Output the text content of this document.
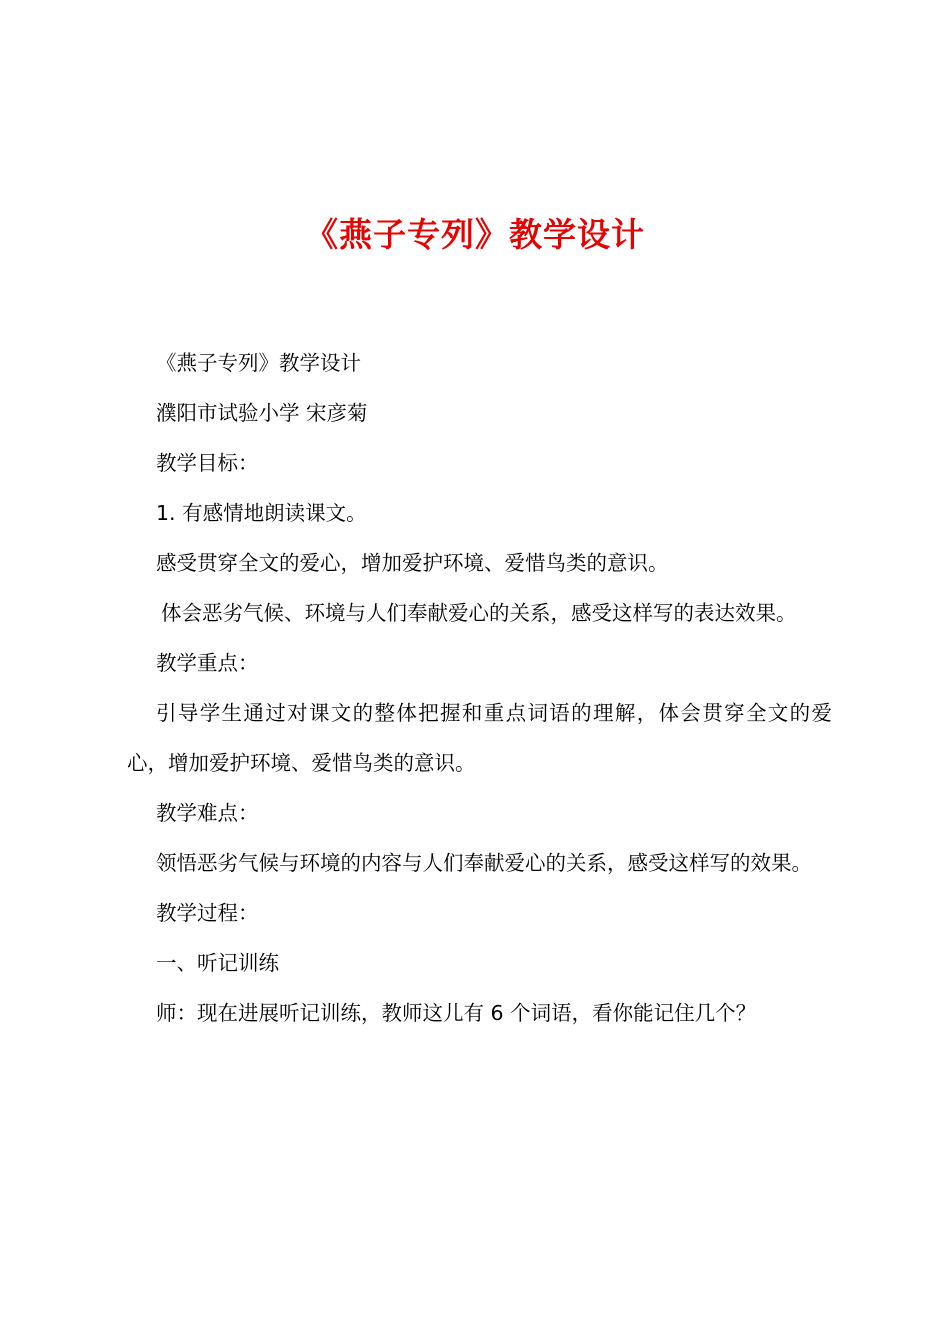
《燕子专列》教学设计

《燕子专列》教学设计

濮阳市试验小学 宋彦菊

教学目标：

1. 有感情地朗读课文。

感受贯穿全文的爱心，增加爱护环境、爱惜鸟类的意识。

体会恶劣气候、环境与人们奉献爱心的关系，感受这样写的表达效果。

教学重点：

引导学生通过对课文的整体把握和重点词语的理解，体会贯穿全文的爱心，增加爱护环境、爱惜鸟类的意识。

教学难点：

领悟恶劣气候与环境的内容与人们奉献爱心的关系，感受这样写的效果。

教学过程：

一、听记训练

师：现在进展听记训练，教师这儿有 6 个词语，看你能记住几个？
